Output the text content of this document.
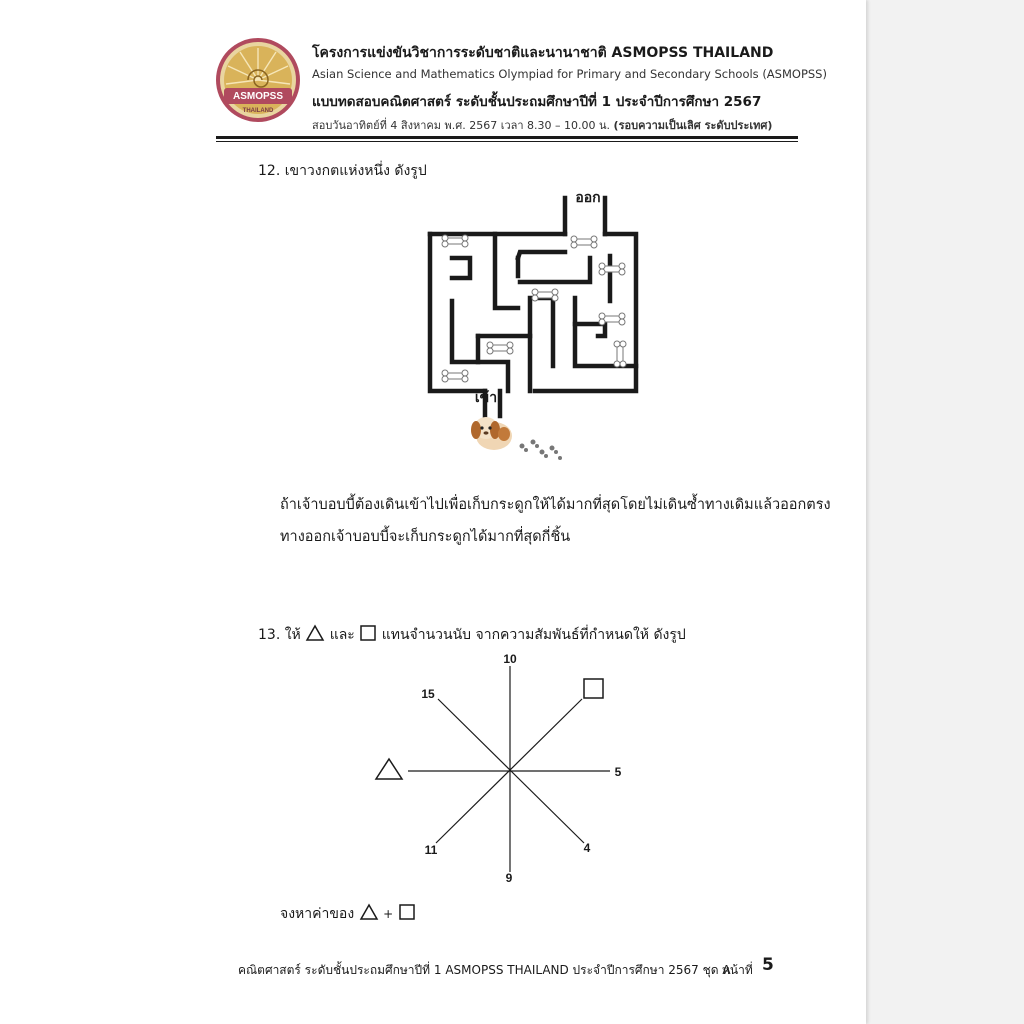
ASMOPSS
THAILAND
โครงการแข่งขันวิชาการระดับชาติและนานาชาติ ASMOPSS THAILAND
Asian Science and Mathematics Olympiad for Primary and Secondary Schools (ASMOPSS)
แบบทดสอบคณิตศาสตร์ ระดับชั้นประถมศึกษาปีที่ 1 ประจำปีการศึกษา 2567
สอบวันอาทิตย์ที่ 4 สิงหาคม พ.ศ. 2567 เวลา 8.30 – 10.00 น. (รอบความเป็นเลิศ ระดับประเทศ)
12. เขาวงกตแห่งหนึ่ง ดังรูป
ออก
เข้า
ถ้าเจ้าบอบบี้ต้องเดินเข้าไปเพื่อเก็บกระดูกให้ได้มากที่สุดโดยไม่เดินซ้ำทางเดิมแล้วออกตรง
ทางออกเจ้าบอบบี้จะเก็บกระดูกได้มากที่สุดกี่ชิ้น
13. ให้ และ แทนจำนวนนับ จากความสัมพันธ์ที่กำหนดให้ ดังรูป
10
15
5
4
9
11
จงหาค่าของ +
คณิตศาสตร์ ระดับชั้นประถมศึกษาปีที่ 1 ASMOPSS THAILAND ประจำปีการศึกษา 2567 ชุด A
หน้าที่ 5
